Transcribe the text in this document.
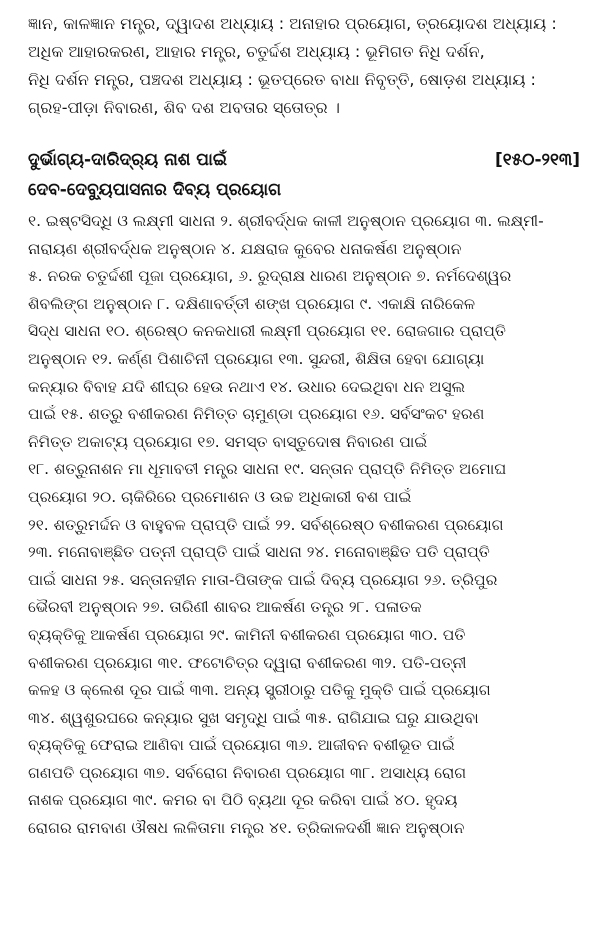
ଜ୍ଞାନ, କାଳଜ୍ଞାନ ମନ୍ତ୍ର, ଦ୍ୱାଦଶ ଅଧ୍ୟାୟ : ଅନାହାର ପ୍ରୟୋଗ, ତ୍ରୟୋଦଶ ଅଧ୍ୟାୟ :
ଅଧିକ ଆହାରକରଣ, ଆହାର ମନ୍ତ୍ର, ଚତୁର୍ଦ୍ଦଶ ଅଧ୍ୟାୟ : ଭୂମିଗତ ନିଧି ଦର୍ଶନ,
ନିଧି ଦର୍ଶନ ମନ୍ତ୍ର, ପଞ୍ଚଦଶ ଅଧ୍ୟାୟ : ଭୂତପ୍ରେତ ବାଧା ନିବୃତ୍ତି, ଷୋଡ଼ଶ ଅଧ୍ୟାୟ :
ଗ୍ରହ-ପୀଡ଼ା ନିବାରଣ, ଶିବ ଦଶ ଅବତାର ସ୍ତୋତ୍ର ।
ଦୁର୍ଭାଗ୍ୟ-ଦାରିଦ୍ର୍ୟ ନାଶ ପାଇଁ	[୧୫୦-୨୧୩]
ଦେବ-ଦେବ୍ୟୁପାସନାର ଦିବ୍ୟ ପ୍ରୟୋଗ
୧. ଇଷ୍ଟସିଦ୍ଧି ଓ ଲକ୍ଷ୍ମୀ ସାଧନା ୨. ଶ୍ରୀବର୍ଦ୍ଧକ କାଳୀ ଅନୁଷ୍ଠାନ ପ୍ରୟୋଗ ୩. ଲକ୍ଷ୍ମୀ-
ନାରାୟଣ ଶ୍ରୀବର୍ଦ୍ଧକ ଅନୁଷ୍ଠାନ ୪. ଯକ୍ଷରାଜ କୁବେର ଧନାକର୍ଷଣ ଅନୁଷ୍ଠାନ
୫. ନରକ ଚତୁର୍ଦ୍ଦଶୀ ପୂଜା ପ୍ରୟୋଗ, ୬. ରୁଦ୍ରାକ୍ଷ ଧାରଣ ଅନୁଷ୍ଠାନ ୭. ନର୍ମଦେଶ୍ୱର
ଶିବଲିଙ୍ଗ ଅନୁଷ୍ଠାନ ୮. ଦକ୍ଷିଣାବର୍ତ୍ତୀ ଶଙ୍ଖ ପ୍ରୟୋଗ ୯. ଏକାକ୍ଷି ନାରିକେଳ
ସିଦ୍ଧ ସାଧନା ୧୦. ଶ୍ରେଷ୍ଠ କନକଧାରୀ ଲକ୍ଷ୍ମୀ ପ୍ରୟୋଗ ୧୧. ରୋଜଗାର ପ୍ରାପ୍ତି
ଅନୁଷ୍ଠାନ ୧୨. କର୍ଣ୍ଣ ପିଶାଚିନୀ ପ୍ରୟୋଗ ୧୩. ସୁନ୍ଦରୀ, ଶିକ୍ଷିତା ହେବା ଯୋଗ୍ୟା
କନ୍ୟାର ବିବାହ ଯଦି ଶୀଘ୍ର ହେଉ ନଥାଏ ୧୪. ଉଧାର ଦେଇଥିବା ଧନ ଅସୁଲ
ପାଇଁ ୧୫. ଶତ୍ରୁ ବଶୀକରଣ ନିମିତ୍ତ ଚାମୁଣ୍ଡା ପ୍ରୟୋଗ ୧୬. ସର୍ବସଂକଟ ହରଣ
ନିମିତ୍ତ ଅକାଟ୍ୟ ପ୍ରୟୋଗ ୧୭. ସମସ୍ତ ବାସ୍ତୁଦୋଷ ନିବାରଣ ପାଇଁ
୧୮. ଶତ୍ରୁନାଶନ ମା ଧୂମାବତୀ ମନ୍ତ୍ର ସାଧନା ୧୯. ସନ୍ତାନ ପ୍ରାପ୍ତି ନିମିତ୍ତ ଅମୋଘ
ପ୍ରୟୋଗ ୨୦. ଚାକିରିରେ ପ୍ରମୋଶନ ଓ ଉଚ୍ଚ ଅଧିକାରୀ ବଶ ପାଇଁ
୨୧. ଶତ୍ରୁମର୍ଦ୍ଦନ ଓ ବାହୁବଳ ପ୍ରାପ୍ତି ପାଇଁ ୨୨. ସର୍ବଶ୍ରେଷ୍ଠ ବଶୀକରଣ ପ୍ରୟୋଗ
୨୩. ମନୋବାଞ୍ଛିତ ପତ୍ନୀ ପ୍ରାପ୍ତି ପାଇଁ ସାଧନା ୨୪. ମନୋବାଞ୍ଛିତ ପତି ପ୍ରାପ୍ତି
ପାଇଁ ସାଧନା ୨୫. ସନ୍ତାନହୀନ ମାତା-ପିତାଙ୍କ ପାଇଁ ଦିବ୍ୟ ପ୍ରୟୋଗ ୨୬. ତ୍ରିପୁର
ଭୈରବୀ ଅନୁଷ୍ଠାନ ୨୭. ତାରିଣୀ ଶାବର ଆକର୍ଷଣ ତନ୍ତ୍ର ୨୮. ପଳାତକ
ବ୍ୟକ୍ତିକୁ ଆକର୍ଷଣ ପ୍ରୟୋଗ ୨୯. କାମିନୀ ବଶୀକରଣ ପ୍ରୟୋଗ ୩୦. ପତି
ବଶୀକରଣ ପ୍ରୟୋଗ ୩୧. ଫଟୋଚିତ୍ର ଦ୍ୱାରା ବଶୀକରଣ ୩୨. ପତି-ପତ୍ନୀ
କଳହ ଓ କ୍ଲେଶ ଦୂର ପାଇଁ ୩୩. ଅନ୍ୟ ସ୍ତ୍ରୀଠାରୁ ପତିକୁ ମୁକ୍ତି ପାଇଁ ପ୍ରୟୋଗ
୩୪. ଶ୍ୱଶୁରଘରେ କନ୍ୟାର ସୁଖ ସମୃଦ୍ଧି ପାଇଁ ୩୫. ରାଗିଯାଇ ଘରୁ ଯାଉଥିବା
ବ୍ୟକ୍ତିକୁ ଫେରାଇ ଆଣିବା ପାଇଁ ପ୍ରୟୋଗ ୩୬. ଆଜୀବନ ବଶୀଭୂତ ପାଇଁ
ଗଣପତି ପ୍ରୟୋଗ ୩୭. ସର୍ବରୋଗ ନିବାରଣ ପ୍ରୟୋଗ ୩୮. ଅସାଧ୍ୟ ରୋଗ
ନାଶକ ପ୍ରୟୋଗ ୩୯. କମର ବା ପିଠି ବ୍ୟଥା ଦୂର କରିବା ପାଇଁ ୪୦. ହୃଦୟ
ରୋଗର ରାମବାଣ ଔଷଧ ଲଳିତାମା ମନ୍ତ୍ର ୪୧. ତ୍ରିକାଳଦର୍ଶୀ ଜ୍ଞାନ ଅନୁଷ୍ଠାନ
